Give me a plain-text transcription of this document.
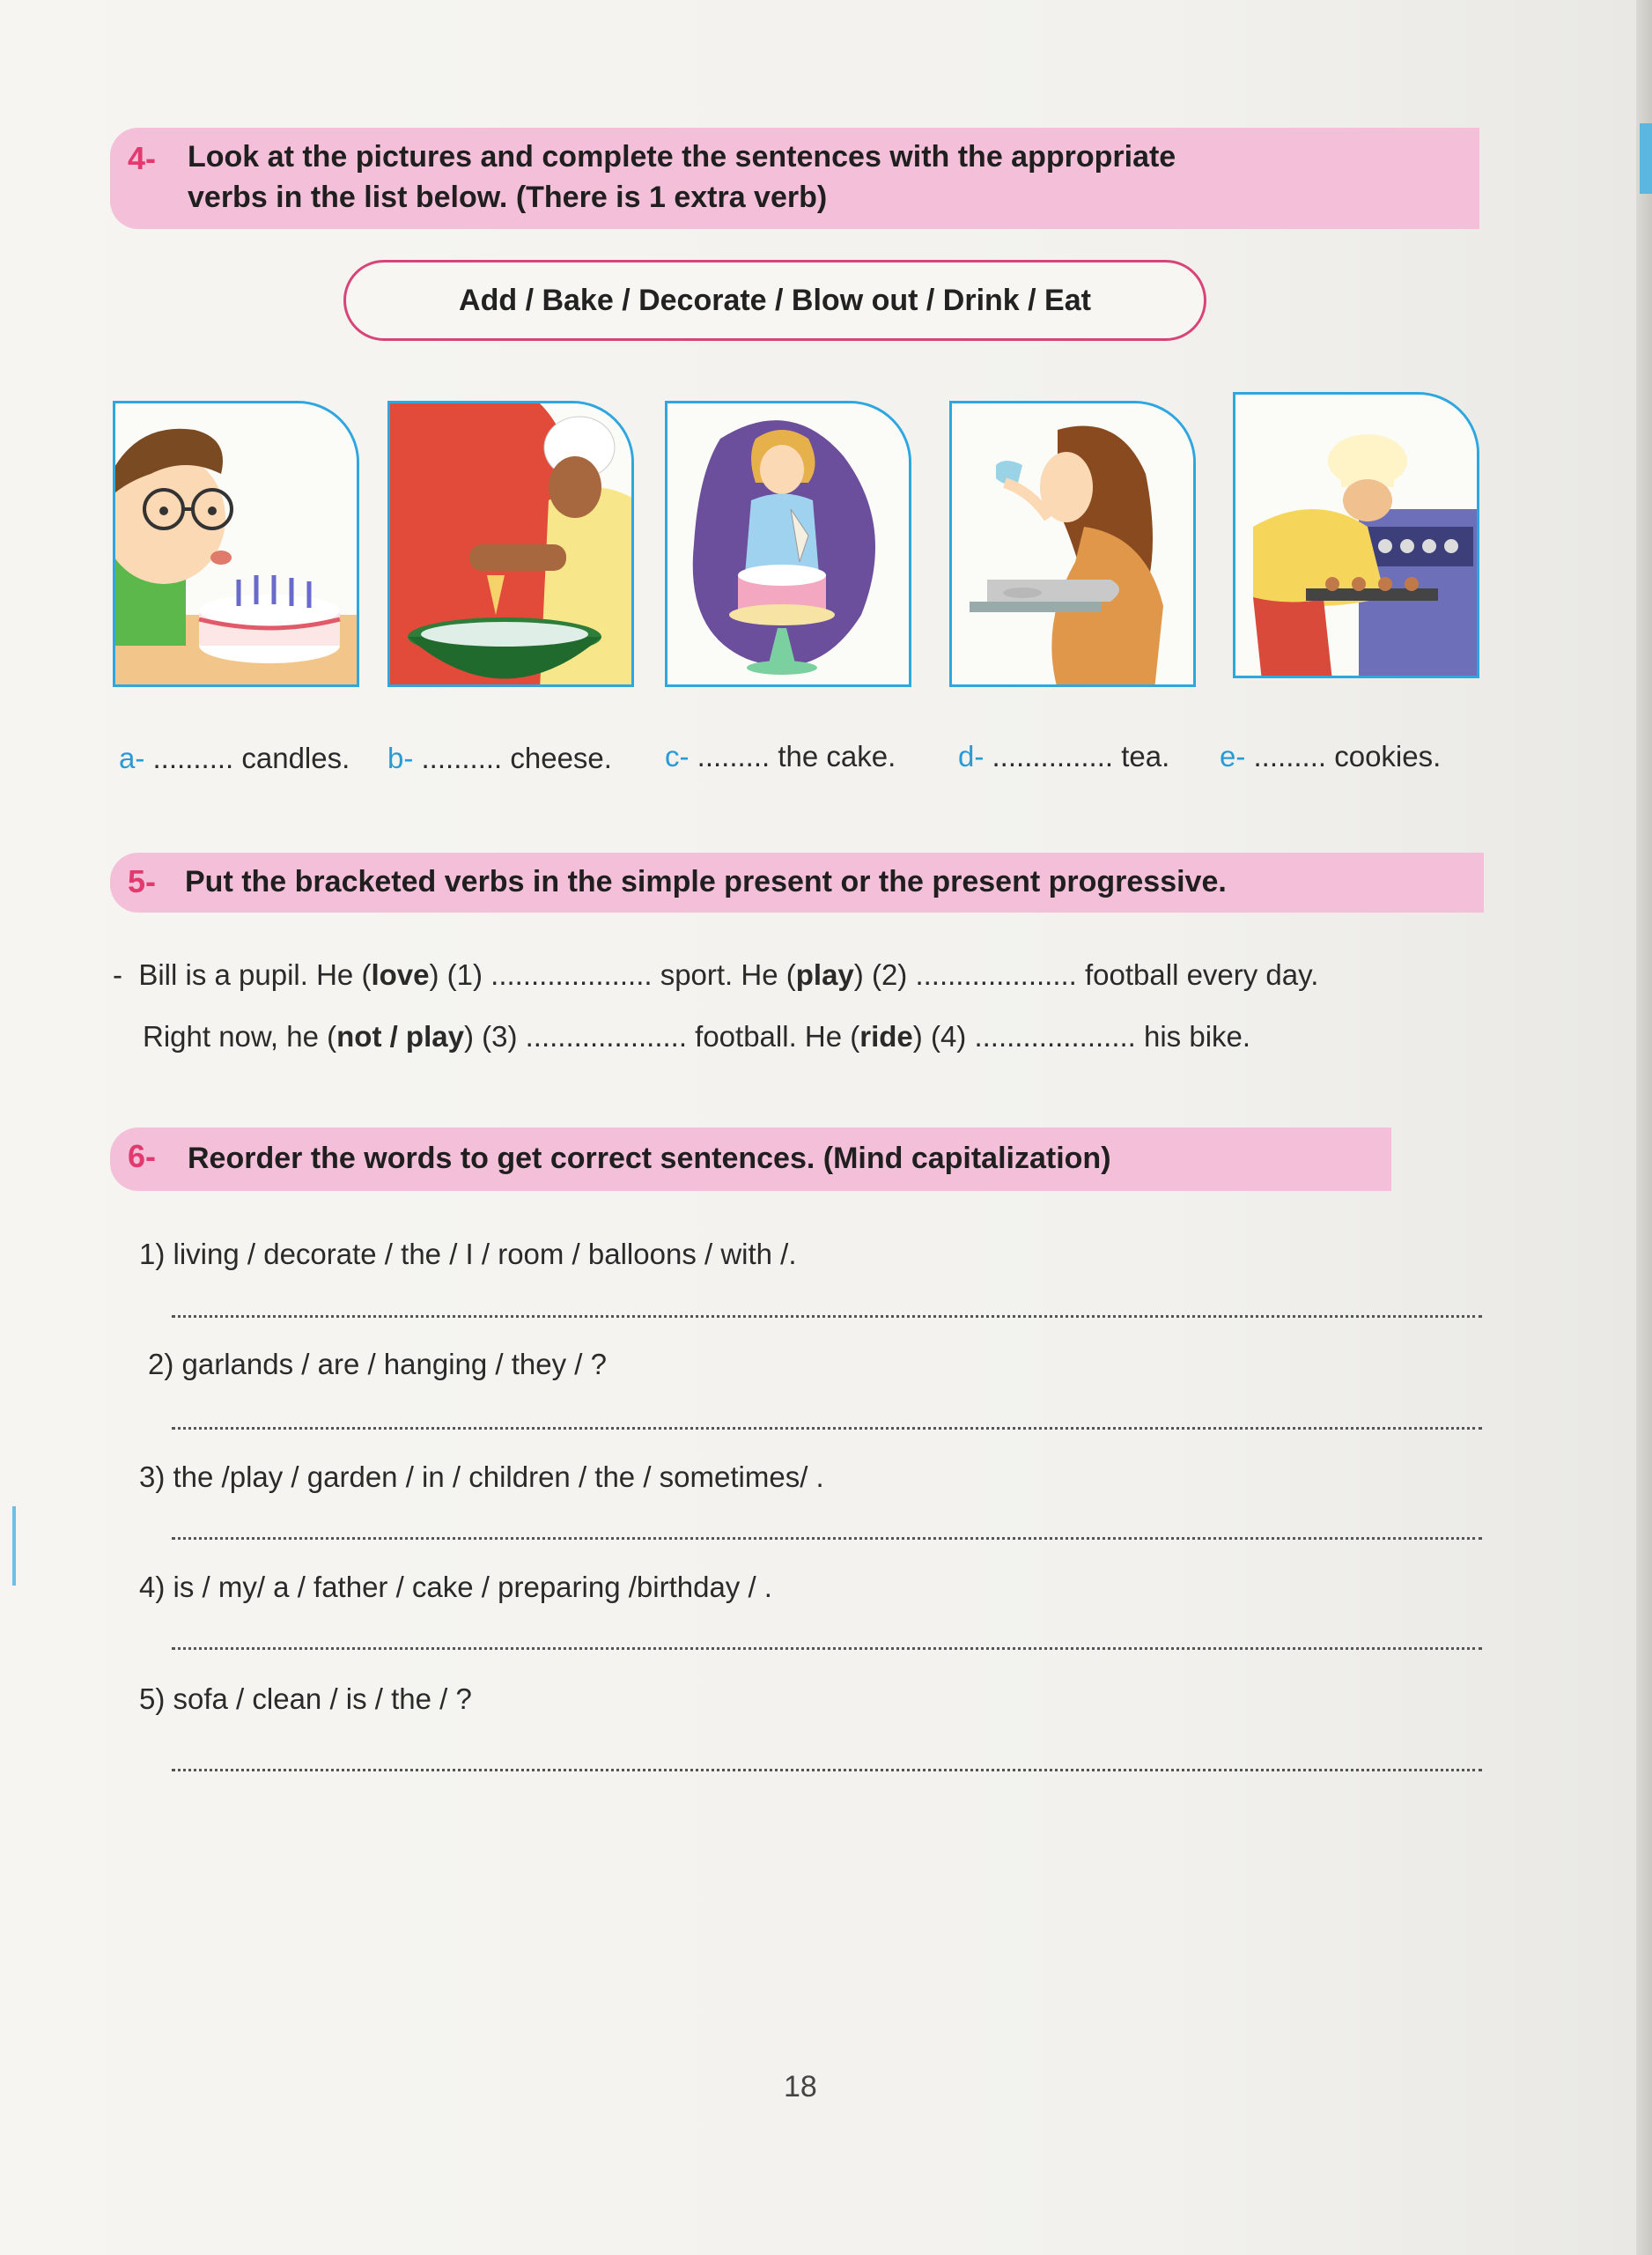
4- Look at the pictures and complete the sentences with the appropriate
verbs in the list below. (There is 1 extra verb)
Add / Bake / Decorate / Blow out / Drink / Eat
a- .......... candles. b- .......... cheese. c- ......... the cake. d- ............... tea. e- ......... cookies.
5- Put the bracketed verbs in the simple present or the present progressive.
- Bill is a pupil. He (love) (1) .................... sport. He (play) (2) .................... football every day.
Right now, he (not / play) (3) .................... football. He (ride) (4) .................... his bike.
6- Reorder the words to get correct sentences. (Mind capitalization)
1) living / decorate / the / I / room / balloons / with /.
2) garlands / are / hanging / they / ?
3) the /play / garden / in / children / the / sometimes/ .
4) is / my/ a / father / cake / preparing /birthday / .
5) sofa / clean / is / the / ?
18
